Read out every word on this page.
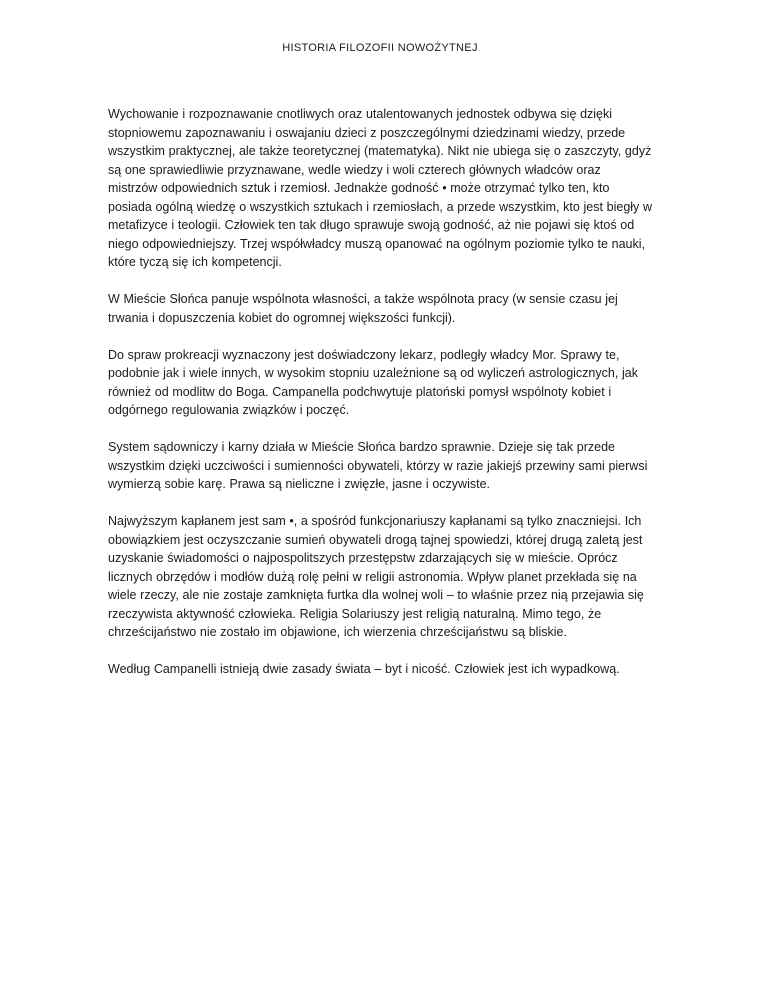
HISTORIA FILOZOFII NOWOŻYTNEJ

Wychowanie i rozpoznawanie cnotliwych oraz utalentowanych jednostek odbywa się dzięki stopniowemu zapoznawaniu i oswajaniu dzieci z poszczególnymi dziedzinami wiedzy, przede wszystkim praktycznej, ale także teoretycznej (matematyka). Nikt nie ubiega się o zaszczyty, gdyż są one sprawiedliwie przyznawane, wedle wiedzy i woli czterech głównych władców oraz mistrzów odpowiednich sztuk i rzemiosł. Jednakże godność • może otrzymać tylko ten, kto posiada ogólną wiedzę o wszystkich sztukach i rzemiosłach, a przede wszystkim, kto jest biegły w metafizyce i teologii. Człowiek ten tak długo sprawuje swoją godność, aż nie pojawi się ktoś od niego odpowiedniejszy. Trzej współwładcy muszą opanować na ogólnym poziomie tylko te nauki, które tyczą się ich kompetencji.

W Mieście Słońca panuje wspólnota własności, a także wspólnota pracy (w sensie czasu jej trwania i dopuszczenia kobiet do ogromnej większości funkcji).

Do spraw prokreacji wyznaczony jest doświadczony lekarz, podległy władcy Mor. Sprawy te, podobnie jak i wiele innych, w wysokim stopniu uzależnione są od wyliczeń astrologicznych, jak również od modlitw do Boga. Campanella podchwytuje platoński pomysł wspólnoty kobiet i odgórnego regulowania związków i poczęć.

System sądowniczy i karny działa w Mieście Słońca bardzo sprawnie. Dzieje się tak przede wszystkim dzięki uczciwości i sumienności obywateli, którzy w razie jakiejś przewiny sami pierwsi wymierzą sobie karę. Prawa są nieliczne i zwięzłe, jasne i oczywiste.

Najwyższym kapłanem jest sam •, a spośród funkcjonariuszy kapłanami są tylko znaczniejsi. Ich obowiązkiem jest oczyszczanie sumień obywateli drogą tajnej spowiedzi, której drugą zaletą jest uzyskanie świadomości o najpospolitszych przestępstw zdarzających się w mieście. Oprócz licznych obrzędów i modłów dużą rolę pełni w religii astronomia. Wpływ planet przekłada się na wiele rzeczy, ale nie zostaje zamknięta furtka dla wolnej woli – to właśnie przez nią przejawia się rzeczywista aktywność człowieka. Religia Solariuszy jest religią naturalną. Mimo tego, że chrześcijaństwo nie zostało im objawione, ich wierzenia chrześcijaństwu są bliskie.

Według Campanelli istnieją dwie zasady świata – byt i nicość. Człowiek jest ich wypadkową.
